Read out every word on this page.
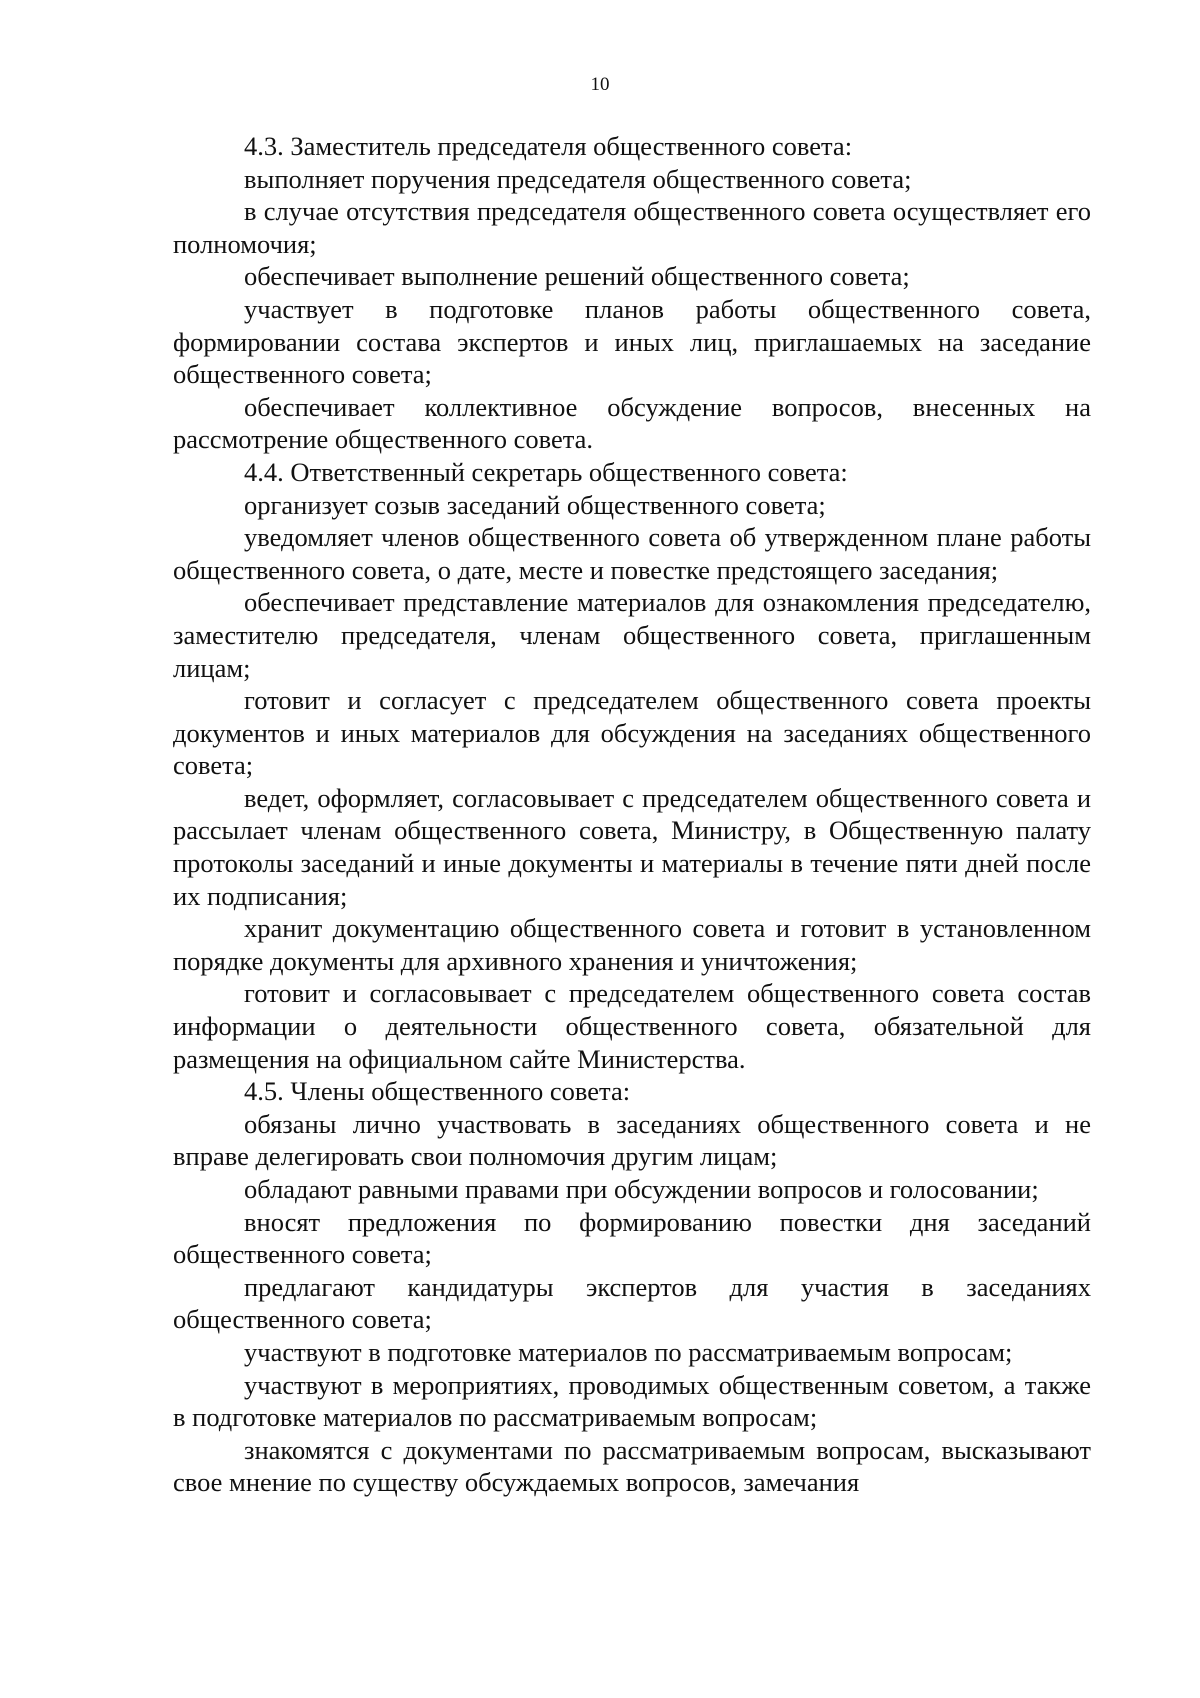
10

4.3. Заместитель председателя общественного совета:

выполняет поручения председателя общественного совета;

в случае отсутствия председателя общественного совета осуществляет его полномочия;

обеспечивает выполнение решений общественного совета;

участвует в подготовке планов работы общественного совета, формировании состава экспертов и иных лиц, приглашаемых на заседание общественного совета;

обеспечивает коллективное обсуждение вопросов, внесенных на рассмотрение общественного совета.

4.4. Ответственный секретарь общественного совета:

организует созыв заседаний общественного совета;

уведомляет членов общественного совета об утвержденном плане работы общественного совета, о дате, месте и повестке предстоящего заседания;

обеспечивает представление материалов для ознакомления председателю, заместителю председателя, членам общественного совета, приглашенным лицам;

готовит и согласует с председателем общественного совета проекты документов и иных материалов для обсуждения на заседаниях общественного совета;

ведет, оформляет, согласовывает с председателем общественного совета и рассылает членам общественного совета, Министру, в Общественную палату протоколы заседаний и иные документы и материалы в течение пяти дней после их подписания;

хранит документацию общественного совета и готовит в установленном порядке документы для архивного хранения и уничтожения;

готовит и согласовывает с председателем общественного совета состав информации о деятельности общественного совета, обязательной для размещения на официальном сайте Министерства.

4.5. Члены общественного совета:

обязаны лично участвовать в заседаниях общественного совета и не вправе делегировать свои полномочия другим лицам;

обладают равными правами при обсуждении вопросов и голосовании;

вносят предложения по формированию повестки дня заседаний общественного совета;

предлагают кандидатуры экспертов для участия в заседаниях общественного совета;

участвуют в подготовке материалов по рассматриваемым вопросам;

участвуют в мероприятиях, проводимых общественным советом, а также в подготовке материалов по рассматриваемым вопросам;

знакомятся с документами по рассматриваемым вопросам, высказывают свое мнение по существу обсуждаемых вопросов, замечания
